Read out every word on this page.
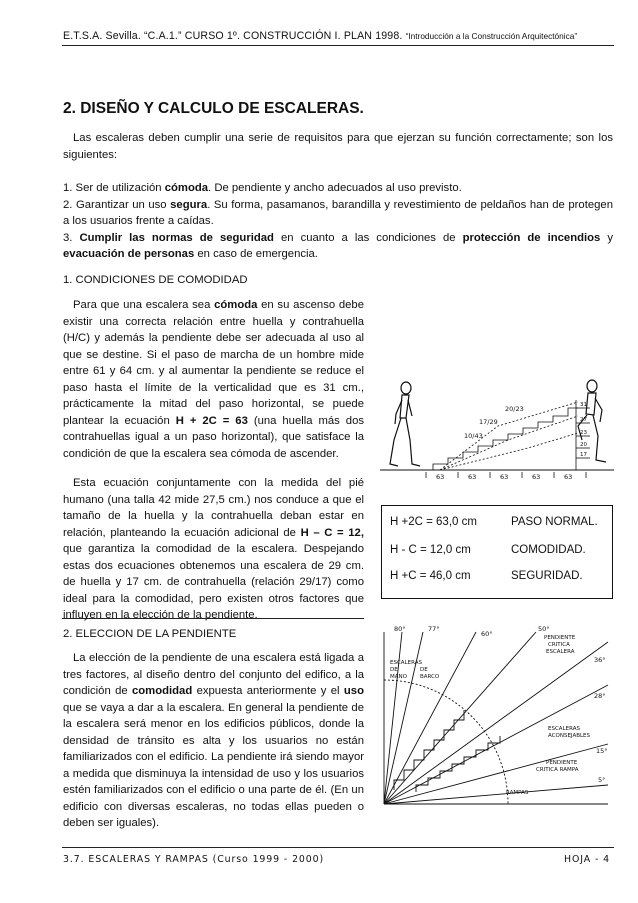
E.T.S.A. Sevilla. “C.A.1.” CURSO 1º. CONSTRUCCIÓN I. PLAN 1998. “Introducción a la Construcción Arquitectónica”
2. DISEÑO Y CALCULO DE ESCALERAS.
Las escaleras deben cumplir una serie de requisitos para que ejerzan su función correctamente; son los siguientes:
1. Ser de utilización cómoda. De pendiente y ancho adecuados al uso previsto.
2. Garantizar un uso segura. Su forma, pasamanos, barandilla y revestimiento de peldaños han de protegen a los usuarios frente a caídas.
3. Cumplir las normas de seguridad en cuanto a las condiciones de protección de incendios y evacuación de personas en caso de emergencia.
1. CONDICIONES DE COMODIDAD
Para que una escalera sea cómoda en su ascenso debe existir una correcta relación entre huella y contrahuella (H/C) y además la pendiente debe ser adecuada al uso al que se destine. Si el paso de marcha de un hombre mide entre 61 y 64 cm. y al aumentar la pendiente se reduce el paso hasta el límite de la verticalidad que es 31 cm., prácticamente la mitad del paso horizontal, se puede plantear la ecuación H + 2C = 63 (una huella más dos contrahuellas igual a un paso horizontal), que satisface la condición de que la escalera sea cómoda de ascender.
Esta ecuación conjuntamente con la medida del pié humano (una talla 42 mide 27,5 cm.) nos conduce a que el tamaño de la huella y la contrahuella deban estar en relación, planteando la ecuación adicional de H – C = 12, que garantiza la comodidad de la escalera. Despejando estas dos ecuaciones obtenemos una escalera de 29 cm. de huella y 17 cm. de contrahuella (relación 29/17) como ideal para la comodidad, pero existen otros factores que influyen en la elección de la pendiente.
2. ELECCION DE LA PENDIENTE
La elección de la pendiente de una escalera está ligada a tres factores, al diseño dentro del conjunto del edifico, a la condición de comodidad expuesta anteriormente y el uso que se vaya a dar a la escalera. En general la pendiente de la escalera será menor en los edificios públicos, donde la densidad de tránsito es alta y los usuarios no están familiarizados con el edificio. La pendiente irá siendo mayor a medida que disminuya la intensidad de uso y los usuarios estén familiarizados con el edificio o una parte de él. (En un edificio con diversas escaleras, no todas ellas pueden o deben ser iguales).
63	63	63	63	63
10/43
17/29
20/23	31
27
23
20
17
H +2C = 63,0 cm	PASO NORMAL.
H - C = 12,0 cm	COMODIDAD.
H +C = 46,0 cm	SEGURIDAD.
80°	77°
60°
50°
36°
28°
15°
5°
PENDIENTE
CRITICA
ESCALERA
ESCALERAS
DE
MANO
DE
BARCO
ESCALERAS
ACONSEJABLES
PENDIENTE
CRITICA RAMPA
RAMPAS
3.7. ESCALERAS Y RAMPAS (Curso 1999 - 2000)	HOJA - 4
